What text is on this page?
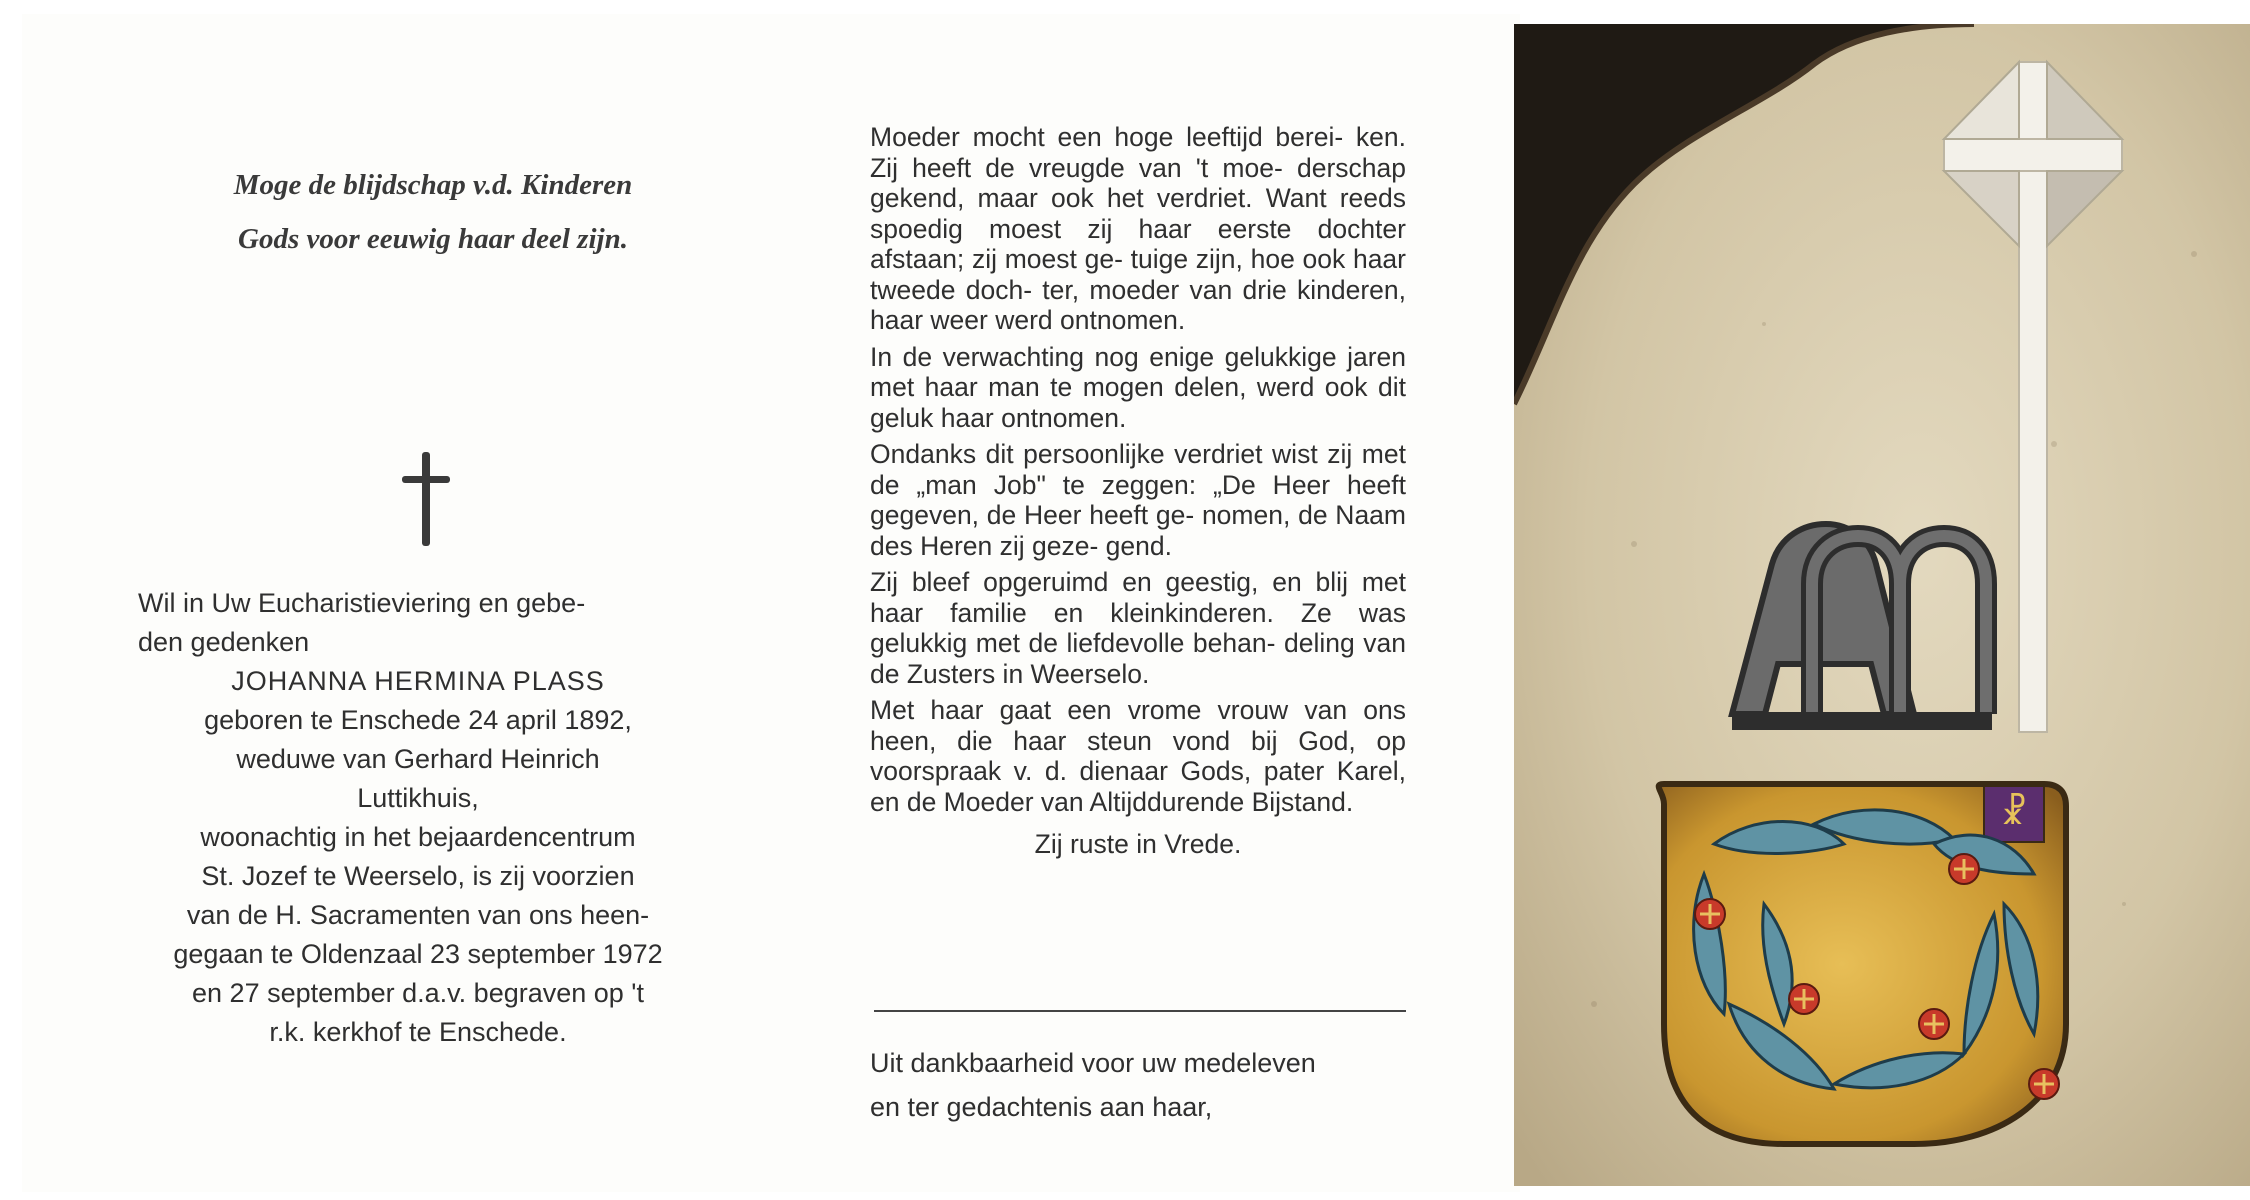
Moge de blijdschap v.d. Kinderen
Gods voor eeuwig haar deel zijn.
Wil in Uw Eucharistieviering en gebe-
den gedenken
JOHANNA HERMINA PLASS
geboren te Enschede 24 april 1892,
weduwe van Gerhard Heinrich
Luttikhuis,
woonachtig in het bejaardencentrum
St. Jozef te Weerselo, is zij voorzien
van de H. Sacramenten van ons heen-
gegaan te Oldenzaal 23 september 1972
en 27 september d.a.v. begraven op 't
r.k. kerkhof te Enschede.

Moeder mocht een hoge leeftijd berei- ken. Zij heeft de vreugde van 't moe- derschap gekend, maar ook het verdriet. Want reeds spoedig moest zij haar eerste dochter afstaan; zij moest ge- tuige zijn, hoe ook haar tweede doch- ter, moeder van drie kinderen, haar weer werd ontnomen.

In de verwachting nog enige gelukkige jaren met haar man te mogen delen, werd ook dit geluk haar ontnomen.

Ondanks dit persoonlijke verdriet wist zij met de „man Job" te zeggen: „De Heer heeft gegeven, de Heer heeft ge- nomen, de Naam des Heren zij geze- gend.

Zij bleef opgeruimd en geestig, en blij met haar familie en kleinkinderen. Ze was gelukkig met de liefdevolle behan- deling van de Zusters in Weerselo.

Met haar gaat een vrome vrouw van ons heen, die haar steun vond bij God, op voorspraak v. d. dienaar Gods, pater Karel, en de Moeder van Altijddurende Bijstand.

Zij ruste in Vrede.

Uit dankbaarheid voor uw medeleven
en ter gedachtenis aan haar,
☧
